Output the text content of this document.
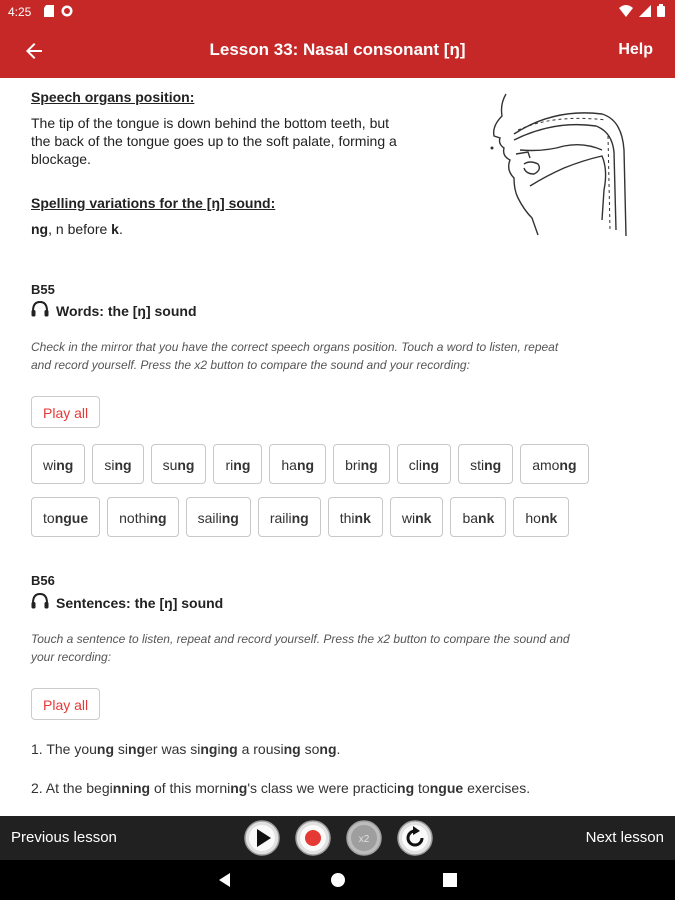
4:25
Lesson 33: Nasal consonant [ŋ]	Help
Speech organs position:
The tip of the tongue is down behind the bottom teeth, but
the back of the tongue goes up to the soft palate, forming a
blockage.
Spelling variations for the [ŋ] sound:
ng, n before k.
B55
Words: the [ŋ] sound
Check in the mirror that you have the correct speech organs position. Touch a word to listen, repeat
and record yourself. Press the x2 button to compare the sound and your recording:
Play all
wing	sing	sung	ring	hang	bring	cling	sting	among
tongue	nothing	sailing	railing	think	wink	bank	honk
B56
Sentences: the [ŋ] sound
Touch a sentence to listen, repeat and record yourself. Press the x2 button to compare the sound and
your recording:
Play all
1. The young singer was singing a rousing song.
2. At the beginning of this morning's class we were practicing tongue exercises.
Previous lesson	x2	Next lesson
